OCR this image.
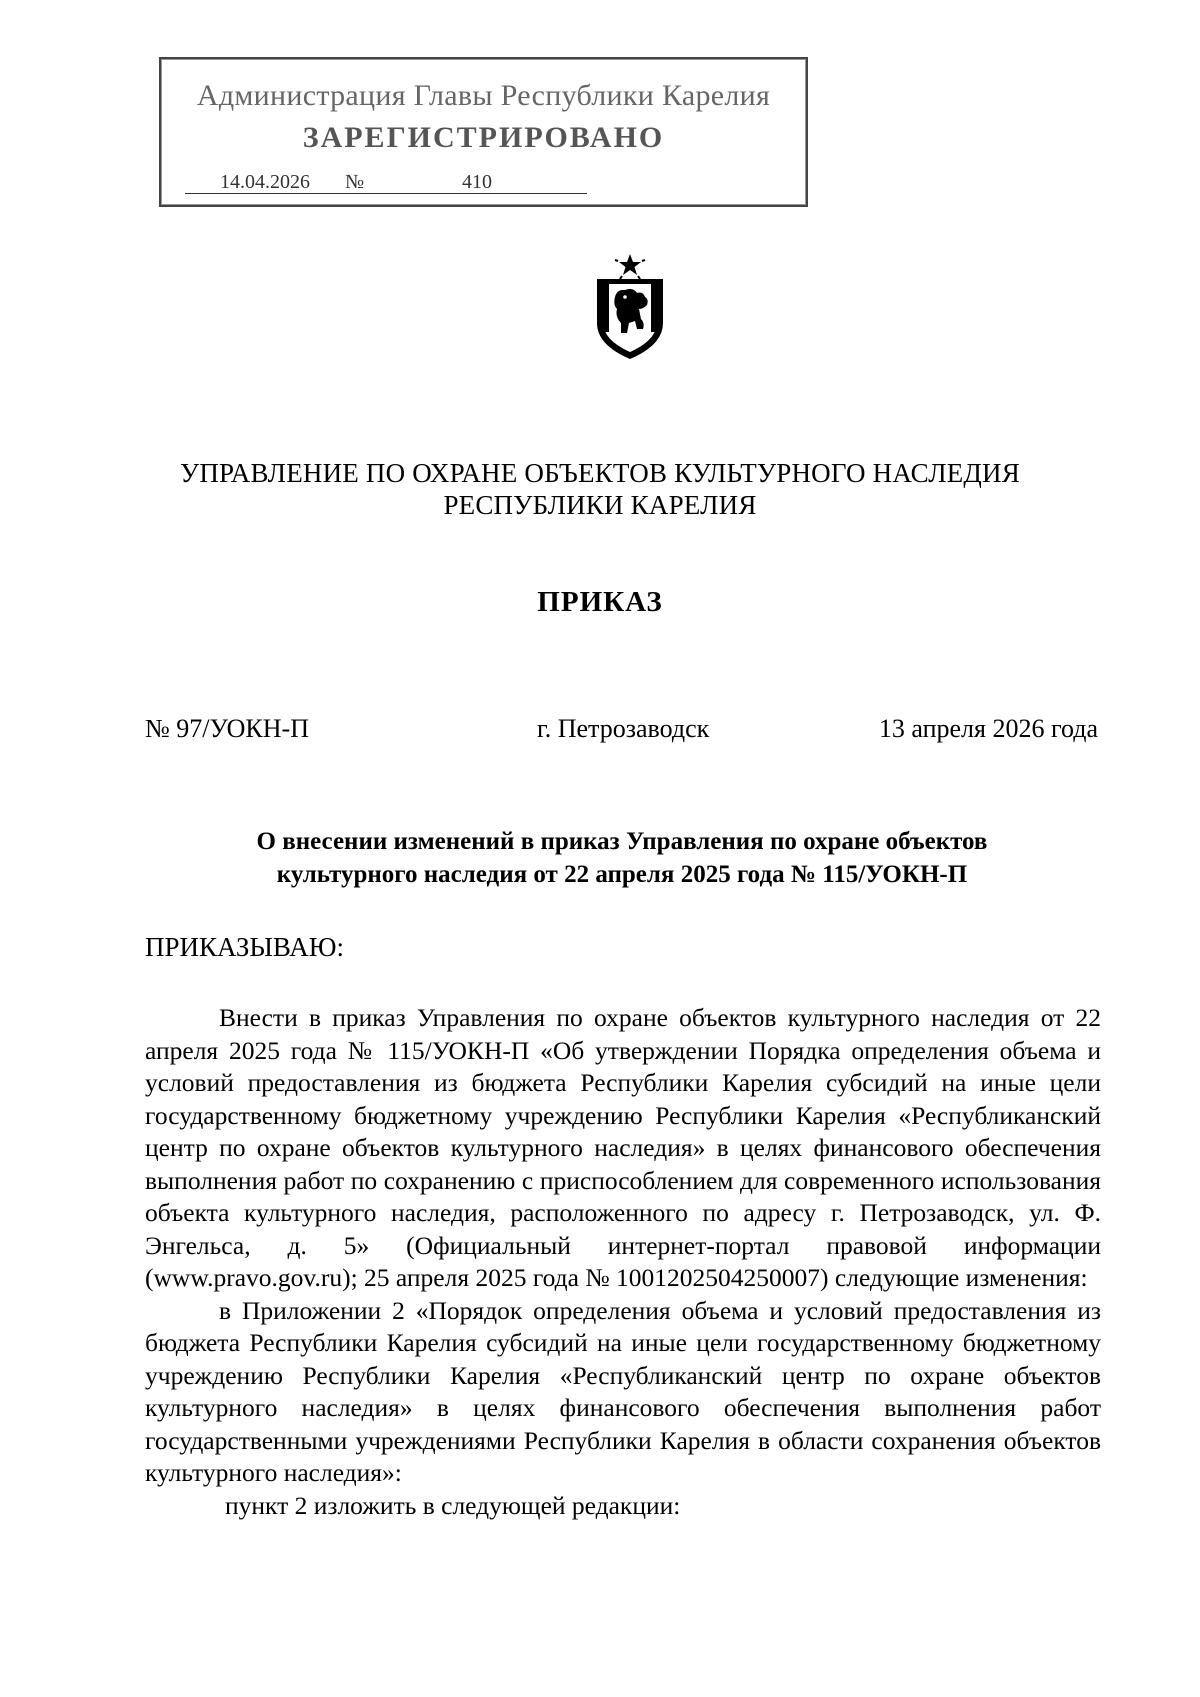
Администрация Главы Республики Карелия
ЗАРЕГИСТРИРОВАНО
14.04.2026 №	410
УПРАВЛЕНИЕ ПО ОХРАНЕ ОБЪЕКТОВ КУЛЬТУРНОГО НАСЛЕДИЯ
РЕСПУБЛИКИ КАРЕЛИЯ
ПРИКАЗ
№ 97/УОКН-П	г. Петрозаводск	13 апреля 2026 года
О внесении изменений в приказ Управления по охране объектов
культурного наследия от 22 апреля 2025 года № 115/УОКН-П
ПРИКАЗЫВАЮ:

Внести в приказ Управления по охране объектов культурного наследия от 22 апреля 2025 года № 115/УОКН-П «Об утверждении Порядка определения объема и условий предоставления из бюджета Республики Карелия субсидий на иные цели государственному бюджетному учреждению Республики Карелия «Республиканский центр по охране объектов культурного наследия» в целях финансового обеспечения выполнения работ по сохранению с приспособлением для современного использования объекта культурного наследия, расположенного по адресу г. Петрозаводск, ул. Ф. Энгельса, д. 5» (Официальный интернет-портал правовой информации (www.pravo.gov.ru); 25 апреля 2025 года № 1001202504250007) следующие изменения:

в Приложении 2 «Порядок определения объема и условий предоставления из бюджета Республики Карелия субсидий на иные цели государственному бюджетному учреждению Республики Карелия «Республиканский центр по охране объектов культурного наследия» в целях финансового обеспечения выполнения работ государственными учреждениями Республики Карелия в области сохранения объектов культурного наследия»:

пункт 2 изложить в следующей редакции:
